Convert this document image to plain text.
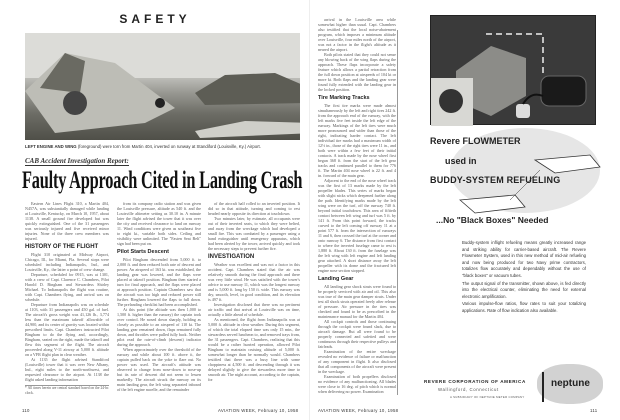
SAFETY
LEFT ENGINE AND WING (foreground) were torn from Martin 404, inverted on runway at Standiford (Louisville, Ky.) Airport.
CAB Accident Investigation Report:
Faulty Approach Cited in Landing Crash

Eastern Air Lines Flight 310, a Martin 404, N457A, was substantially damaged while landing at Louisville, Kentucky, on March 10, 1957, about 1138. A small ground fire developed but was quickly extinguished. One of the 31 passengers was seriously injured and five received minor injuries. None of the three crew members was injured.

HISTORY OF THE FLIGHT

Flight 310 originated at Midway Airport, Chicago, Ill., for Miami, Fla. Several stops were scheduled including Indianapolis, Ind., and Louisville, Ky., the latter a point of crew change.

Departure, scheduled for 0915, was at 1301, with a crew of Capt. Clarence C. Chambers, Pilot Harold D. Bingham and Stewardess Shirley Michael. To Indianapolis the flight was routine, with Capt. Chambers flying, and arrival was on schedule.

Departure from Indianapolis was on schedule at 1103, with 31 passengers and 450 gal. of fuel. The aircraft's gross weight was 41,126 lb., 3,774 less than the maximum takeoff allowable of 44,900, and its center of gravity was located within prescribed limits. Capt. Chambers instructed Pilot Bingham to do the flying and, accordingly, Bingham, seated on the right, made the takeoff and flew this segment of the flight. The aircraft proceeded along V-11 airway at 5,000 ft. altitude on a VFR flight plan in clear weather.

At 1135 the flight advised Standiford (Louisville) tower that it was over New Albany, Ind., eight miles to the north-northwest, and requested clearance to the airport. At 1138 the flight asked landing information

* All times herein are central standard based on the 24-hr. clock.

from its company radio station and was given the Louisville pressure, altitude as 540 ft. and the Louisville altimeter setting as 30.10 in. A minute later the flight advised the tower that it was over the city and received clearance to land on runway 11. Wind conditions were given as southeast five to eight kt., variable both sides. Ceiling and visibility were unlimited. The "Fasten Seat Belt" sign had been put on.

Pilot Starts Descent

Pilot Bingham descended from 5,000 ft. to 2,000 ft. and then reduced both rate of descent and power. An airspeed of 163 kt. was established, the landing gear was lowered, and the flaps were placed at takeoff position. Bingham then started a turn for final approach, and the flaps were placed at approach position. Captain Chambers saw that the aircraft was too high and reduced power still further. Bingham lowered the flaps to full down. The prelanding checklist had been accomplished.

At this point (the altitude was then 1,000 to 1,500 ft. higher than the runway) the captain took over control. He nosed down sharply, holding as closely as possible to an airspeed of 110 kt. The landing gear remained down, flaps remained fully down, and throttles were pulled fully back. Neither pilot read the rate-of-climb (descent) indicator during the approach.

When approximately over the threshold of the runway and while about 100 ft. above it, the captain pulled back on the yoke to flare out. No power was used. The aircraft's attitude was observed to change from nose-down to nose-up but its rate of descent did not seem to lessen markedly. The aircraft struck the runway on its main landing gear, the left wing separated inboard of the left engine nacelle, and the remainder

of the aircraft half rolled to an inverted position. It did so in that attitude, turning and coming to rest headed nearly opposite its direction at touchdown.

Two minutes later, by estimate, all occupants were out of their inverted seats, to which they were belted, and away from the wreckage which had developed a small fire. This was combated by a passenger using a hand extinguisher until emergency apparatus, which had been alerted by the tower, arrived quickly and took the necessary steps to prevent further fire.

INVESTIGATION

Weather was excellent and was not a factor in this accident. Capt. Chambers stated that the air was relatively smooth during the final approach and there was very little wind. He was satisfied with the tower's advice to use runway 11, which was the longest runway and is 5,000 ft. long by 150 ft. wide. This runway was dry, smooth, level, in good condition, and its elevation is 497 ft.

Investigation disclosed that there was no pertinent air traffic and that arrival at Louisville was on time, actually a little ahead of schedule.

As mentioned, the flight from Indianapolis was at 5,000 ft. altitude in clear weather. During this segment, of which the total elapsed time was only 15 min., the stewardess served luncheon to, and removed trays from, the 31 passengers. Capt. Chambers, realizing that this would be a rather hurried operation, allowed Pilot Bingham to maintain cruising altitude of 5,000 ft. somewhat longer than he normally would. Chambers testified that there was a busy line with some choppiness at 4,500 ft. and descending through it was delayed slightly to give the stewardess more time to smooth air. The night account, according to the captain, for

110	AVIATION WEEK, February 10, 1958

arrival in the Louisville area while somewhat higher than usual. Capt. Chambers also testified that the local noise-abatement program, which imposes a minimum altitude over Louisville, four miles north of the airport, was not a factor in the flight's altitude as it neared the airport.

Both pilots stated that they could not sense any blowing back of the wing flaps during the approach. These flaps incorporate a safety feature which allows a partial retraction from the full down position at airspeeds of 104 kt or more kt. Both flaps and the landing gear were found fully extended with the landing gear in the locked position.

Tire Marking Tracks

The first tire marks were made almost simultaneously by the left and right tires 242 ft. from the approach end of the runway, with the left marks five feet inside the left edge of the runway. Markings of the left tires were much more pronounced and wider than those of the right, indicating harder contact. The left individual tire marks had a maximum width of 12½ in., those of the right tires were 11 in., and both were within a few feet of their initial contacts. A track made by the nose wheel first began 368 ft. from the start of the left gear tracks and continued parallel to them for 776 ft. The Martin 404 nose wheel is 22 ft. and 4 in. forward of the main gear.

Adjacent to the end of the nose wheel track was the first of 13 marks made by the left propeller blades. This series of marks began with slight nicks which deepened further along the path. Identifying marks made by the left wing were on the turf, off the runway 740 ft. beyond initial touchdown. This area of fiftieth contact between left wing and turf was 5 ft. by 141 ft. From this point forward, the tracks curved to the left coming off runway 11 at a point 577 ft. from the intersection of runways 11 and 6, then crossed the turf at the corner and onto runway 6. The distance from first contact to where the inverted fuselage came to rest is 1,880 ft. About 130 ft. from the fuselage was the left wing with left engine and left landing gear attached. A short distance away the left propeller with its dome and the fractured left engine nose section stopped.

Landing Gear

All landing gear shock struts were found to be properly serviced with air and oil. This also was true of the main gear damper struts. Under test all shock struts operated freely after release of pressure. Air pressure in the tires was checked and found to be as prescribed in the maintenance manual for the Martin 404.

All cockpit controls and those continuing through the cockpit were found slack, due to aircraft damage. But all were found to be properly connected and safetied and were continuous through their respective pulleys and fairleads.

Examination of the entire wreckage revealed no evidence of failure or malfunction of any component in flight. It also disclosed that all components of the aircraft were present in the wreckage.

Examination of both propellers disclosed no evidence of any malfunctioning. All blades were close to 16 deg. of pitch which is normal when delivering no power. Examination

AVIATION WEEK, February 10, 1958	111
Revere FLOWMETER
used in
BUDDY-SYSTEM REFUELING
...No "Black Boxes" Needed

Buddy-system inflight refueling means greatly increased range and striking ability for carrier-based aircraft. The Revere Flowmeter System, used in this new method of mid-air refueling and now being produced for two Navy prime contractors, totalizes flow accurately and dependably without the use of "black boxes" or vacuum tubes.

The output signal of the transmitter, shown above, is fed directly into the electrical counter, eliminating the need for external electronic amplification.

Various impulse-flow ratios, flow rates to suit your totalizing applications. Rate of flow indication also available.

REVERE CORPORATION OF AMERICA
Wallingford, Connecticut
A SUBSIDIARY OF NEPTUNE METER COMPANY
neptune
